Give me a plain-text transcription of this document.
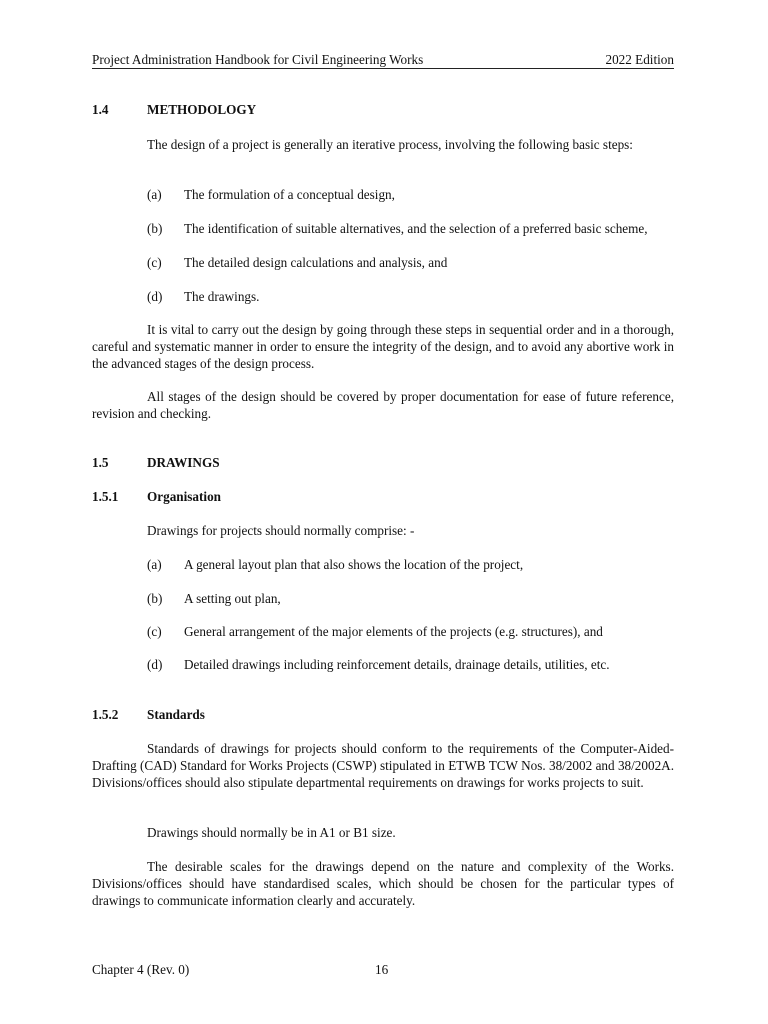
Project Administration Handbook for Civil Engineering Works	2022 Edition
1.4	METHODOLOGY
The design of a project is generally an iterative process, involving the following basic steps:
(a) The formulation of a conceptual design,
(b) The identification of suitable alternatives, and the selection of a preferred basic scheme,
(c) The detailed design calculations and analysis, and
(d) The drawings.
It is vital to carry out the design by going through these steps in sequential order and in a thorough, careful and systematic manner in order to ensure the integrity of the design, and to avoid any abortive work in the advanced stages of the design process.
All stages of the design should be covered by proper documentation for ease of future reference, revision and checking.
1.5	DRAWINGS
1.5.1 Organisation
Drawings for projects should normally comprise: -
(a) A general layout plan that also shows the location of the project,
(b) A setting out plan,
(c) General arrangement of the major elements of the projects (e.g. structures), and
(d) Detailed drawings including reinforcement details, drainage details, utilities, etc.
1.5.2 Standards
Standards of drawings for projects should conform to the requirements of the Computer-Aided-Drafting (CAD) Standard for Works Projects (CSWP) stipulated in ETWB TCW Nos. 38/2002 and 38/2002A. Divisions/offices should also stipulate departmental requirements on drawings for works projects to suit.
Drawings should normally be in A1 or B1 size.
The desirable scales for the drawings depend on the nature and complexity of the Works. Divisions/offices should have standardised scales, which should be chosen for the particular types of drawings to communicate information clearly and accurately.
Chapter 4 (Rev. 0)	16
